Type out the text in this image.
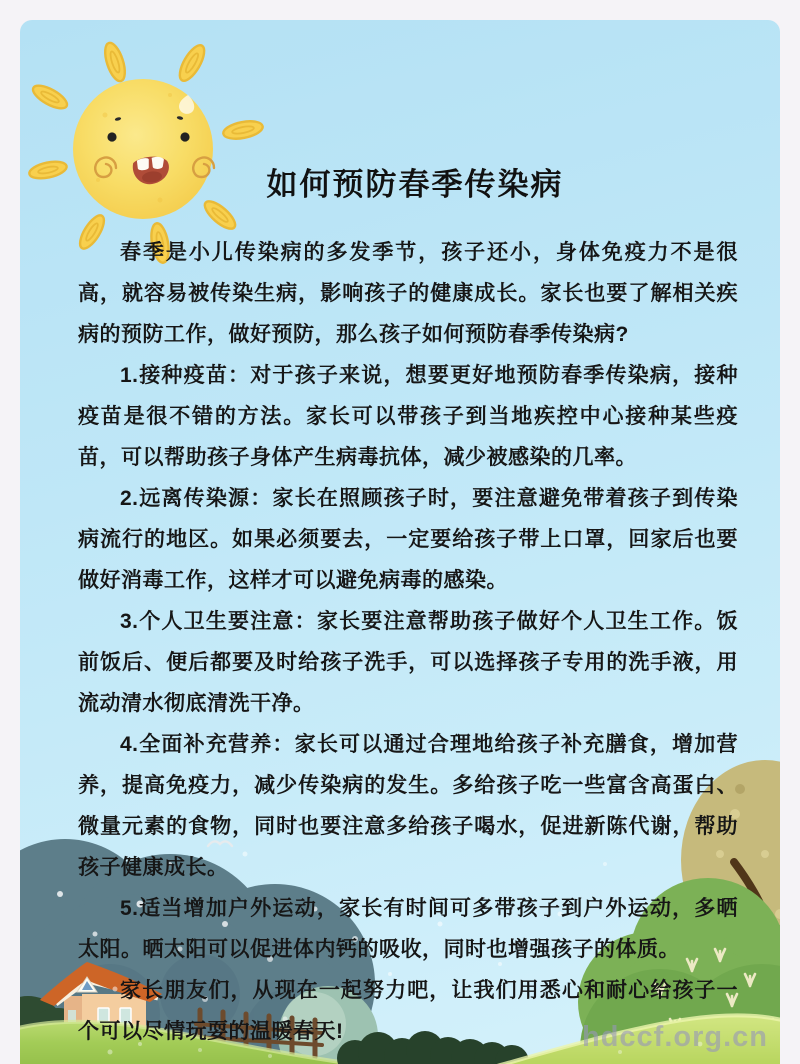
如何预防春季传染病

春季是小儿传染病的多发季节，孩子还小，身体免疫力不是很高，就容易被传染生病，影响孩子的健康成长。家长也要了解相关疾病的预防工作，做好预防，那么孩子如何预防春季传染病?

1.接种疫苗：对于孩子来说，想要更好地预防春季传染病，接种疫苗是很不错的方法。家长可以带孩子到当地疾控中心接种某些疫苗，可以帮助孩子身体产生病毒抗体，减少被感染的几率。

2.远离传染源：家长在照顾孩子时，要注意避免带着孩子到传染病流行的地区。如果必须要去，一定要给孩子带上口罩，回家后也要做好消毒工作，这样才可以避免病毒的感染。

3.个人卫生要注意：家长要注意帮助孩子做好个人卫生工作。饭前饭后、便后都要及时给孩子洗手，可以选择孩子专用的洗手液，用流动清水彻底清洗干净。

4.全面补充营养：家长可以通过合理地给孩子补充膳食，增加营养，提高免疫力，减少传染病的发生。多给孩子吃一些富含高蛋白、微量元素的食物，同时也要注意多给孩子喝水，促进新陈代谢，帮助孩子健康成长。

5.适当增加户外运动，家长有时间可多带孩子到户外运动，多晒太阳。晒太阳可以促进体内钙的吸收，同时也增强孩子的体质。

家长朋友们，从现在一起努力吧，让我们用悉心和耐心给孩子一个可以尽情玩耍的温暖春天!	hdccf.org.cn
